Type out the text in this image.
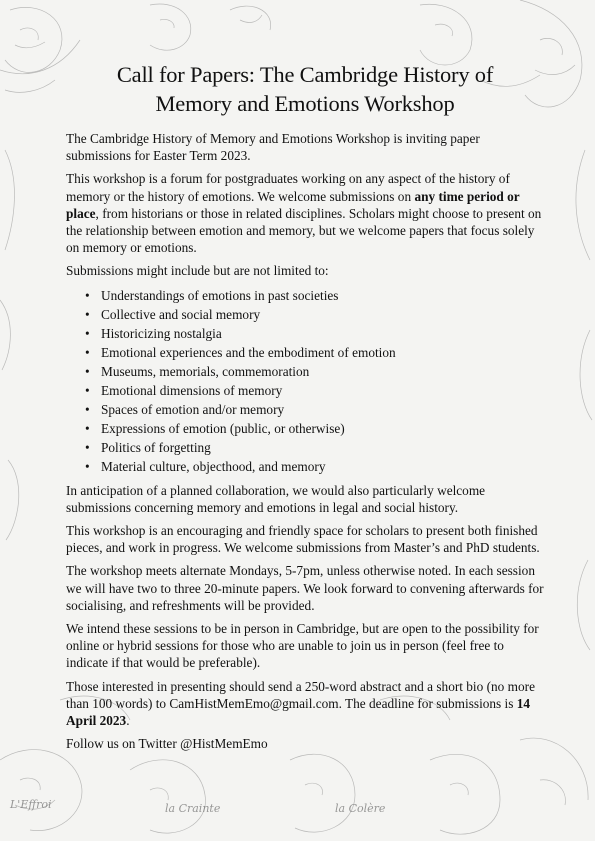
L'Effroi	la Crainte	la Colère
Call for Papers: The Cambridge History of
Memory and Emotions Workshop

The Cambridge History of Memory and Emotions Workshop is inviting paper submissions for Easter Term 2023.

This workshop is a forum for postgraduates working on any aspect of the history of memory or the history of emotions. We welcome submissions on any time period or place, from historians or those in related disciplines. Scholars might choose to present on the relationship between emotion and memory, but we welcome papers that focus solely on memory or emotions.

Submissions might include but are not limited to:

• Understandings of emotions in past societies
• Collective and social memory
• Historicizing nostalgia
• Emotional experiences and the embodiment of emotion
• Museums, memorials, commemoration
• Emotional dimensions of memory
• Spaces of emotion and/or memory
• Expressions of emotion (public, or otherwise)
• Politics of forgetting
• Material culture, objecthood, and memory

In anticipation of a planned collaboration, we would also particularly welcome submissions concerning memory and emotions in legal and social history.

This workshop is an encouraging and friendly space for scholars to present both finished pieces, and work in progress. We welcome submissions from Master’s and PhD students.

The workshop meets alternate Mondays, 5-7pm, unless otherwise noted. In each session we will have two to three 20-minute papers. We look forward to convening afterwards for socialising, and refreshments will be provided.

We intend these sessions to be in person in Cambridge, but are open to the possibility for online or hybrid sessions for those who are unable to join us in person (feel free to indicate if that would be preferable).

Those interested in presenting should send a 250-word abstract and a short bio (no more than 100 words) to CamHistMemEmo@gmail.com. The deadline for submissions is 14 April 2023.

Follow us on Twitter @HistMemEmo
